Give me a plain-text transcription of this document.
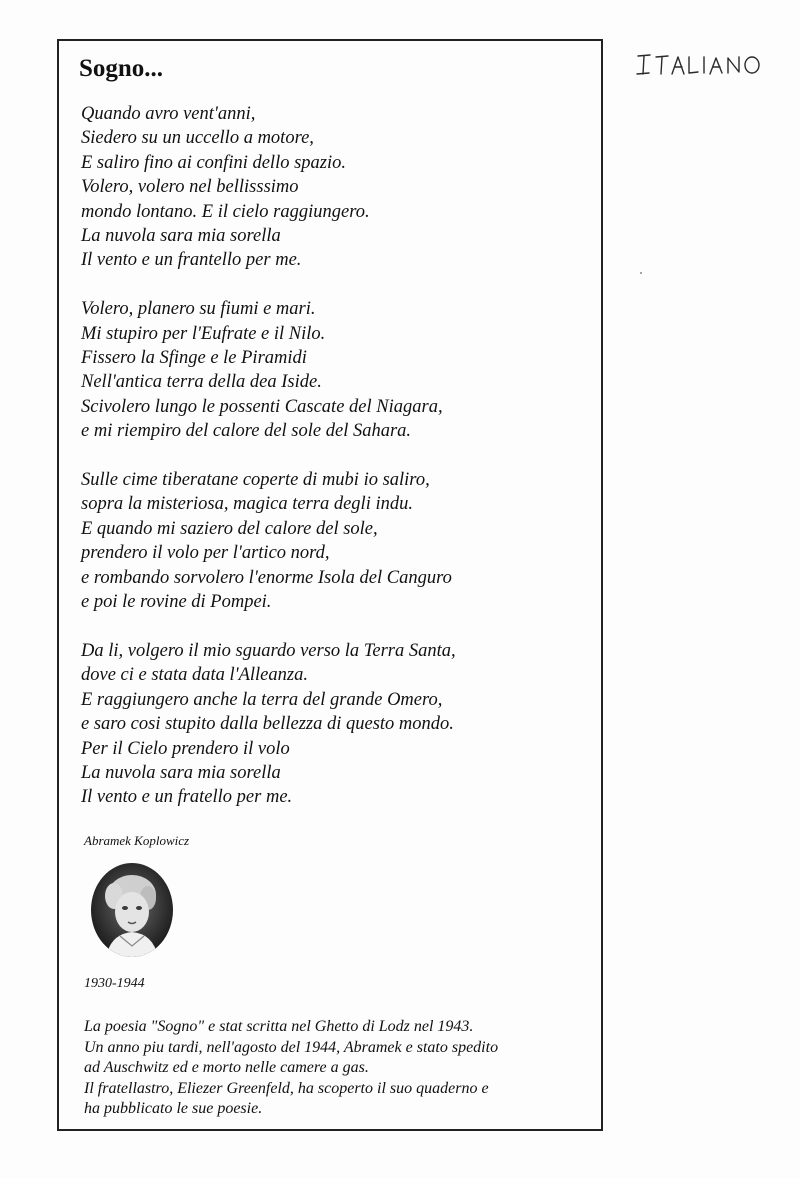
Sogno...

Quando avro vent'anni,
Siedero su un uccello a motore,
E saliro fino ai confini dello spazio.
Volero, volero nel bellisssimo
mondo lontano. E il cielo raggiungero.
La nuvola sara mia sorella
Il vento e un frantello per me.

Volero, planero su fiumi e mari.
Mi stupiro per l'Eufrate e il Nilo.
Fissero la Sfinge e le Piramidi
Nell'antica terra della dea Iside.
Scivolero lungo le possenti Cascate del Niagara,
e mi riempiro del calore del sole del Sahara.

Sulle cime tiberatane coperte di mubi io saliro,
sopra la misteriosa, magica terra degli indu.
E quando mi saziero del calore del sole,
prendero il volo per l'artico nord,
e rombando sorvolero l'enorme Isola del Canguro
e poi le rovine di Pompei.

Da li, volgero il mio sguardo verso la Terra Santa,
dove ci e stata data l'Alleanza.
E raggiungero anche la terra del grande Omero,
e saro cosi stupito dalla bellezza di questo mondo.
Per il Cielo prendero il volo
La nuvola sara mia sorella
Il vento e un fratello per me.

Abramek Koplowicz
1930-1944
La poesia "Sogno" e stat scritta nel Ghetto di Lodz nel 1943.
Un anno piu tardi, nell'agosto del 1944, Abramek e stato spedito
ad Auschwitz ed e morto nelle camere a gas.
Il fratellastro, Eliezer Greenfeld, ha scoperto il suo quaderno e
ha pubblicato le sue poesie.
